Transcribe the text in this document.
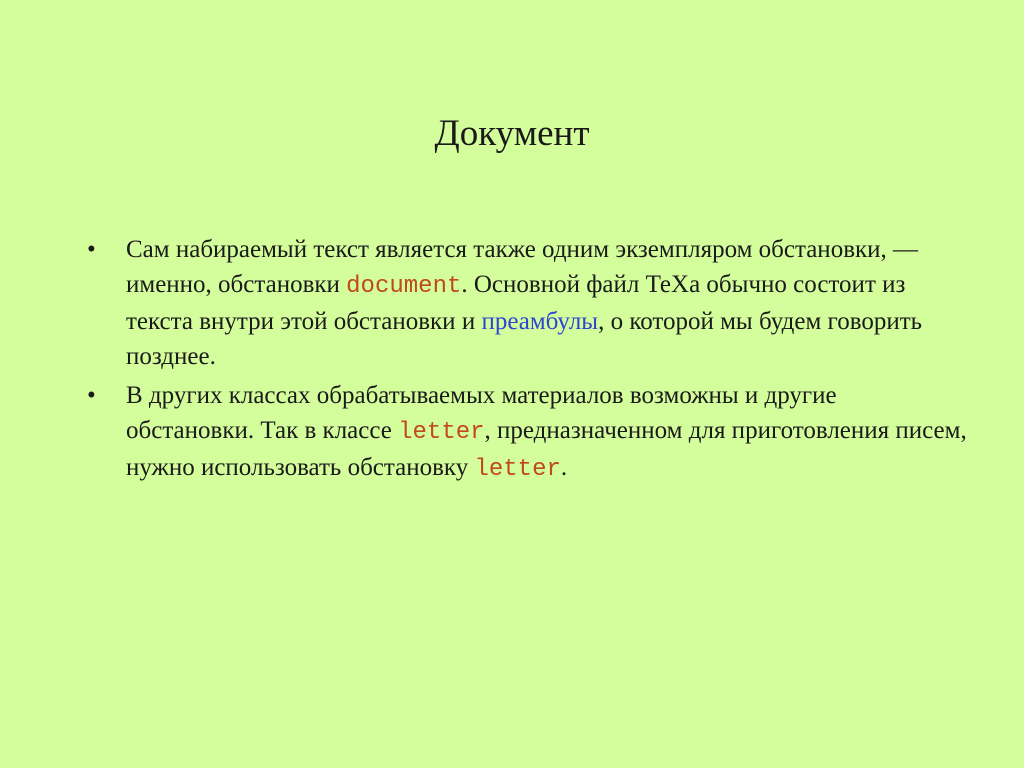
Документ
• Сам набираемый текст является также одним экземпляром обстановки, — именно, обстановки document. Основной файл ТеХа обычно состоит из текста внутри этой обстановки и преамбулы, о которой мы будем говорить позднее.
• В других классах обрабатываемых материалов возможны и другие обстановки. Так в классе letter, предназначенном для приготовления писем, нужно использовать обстановку letter.
